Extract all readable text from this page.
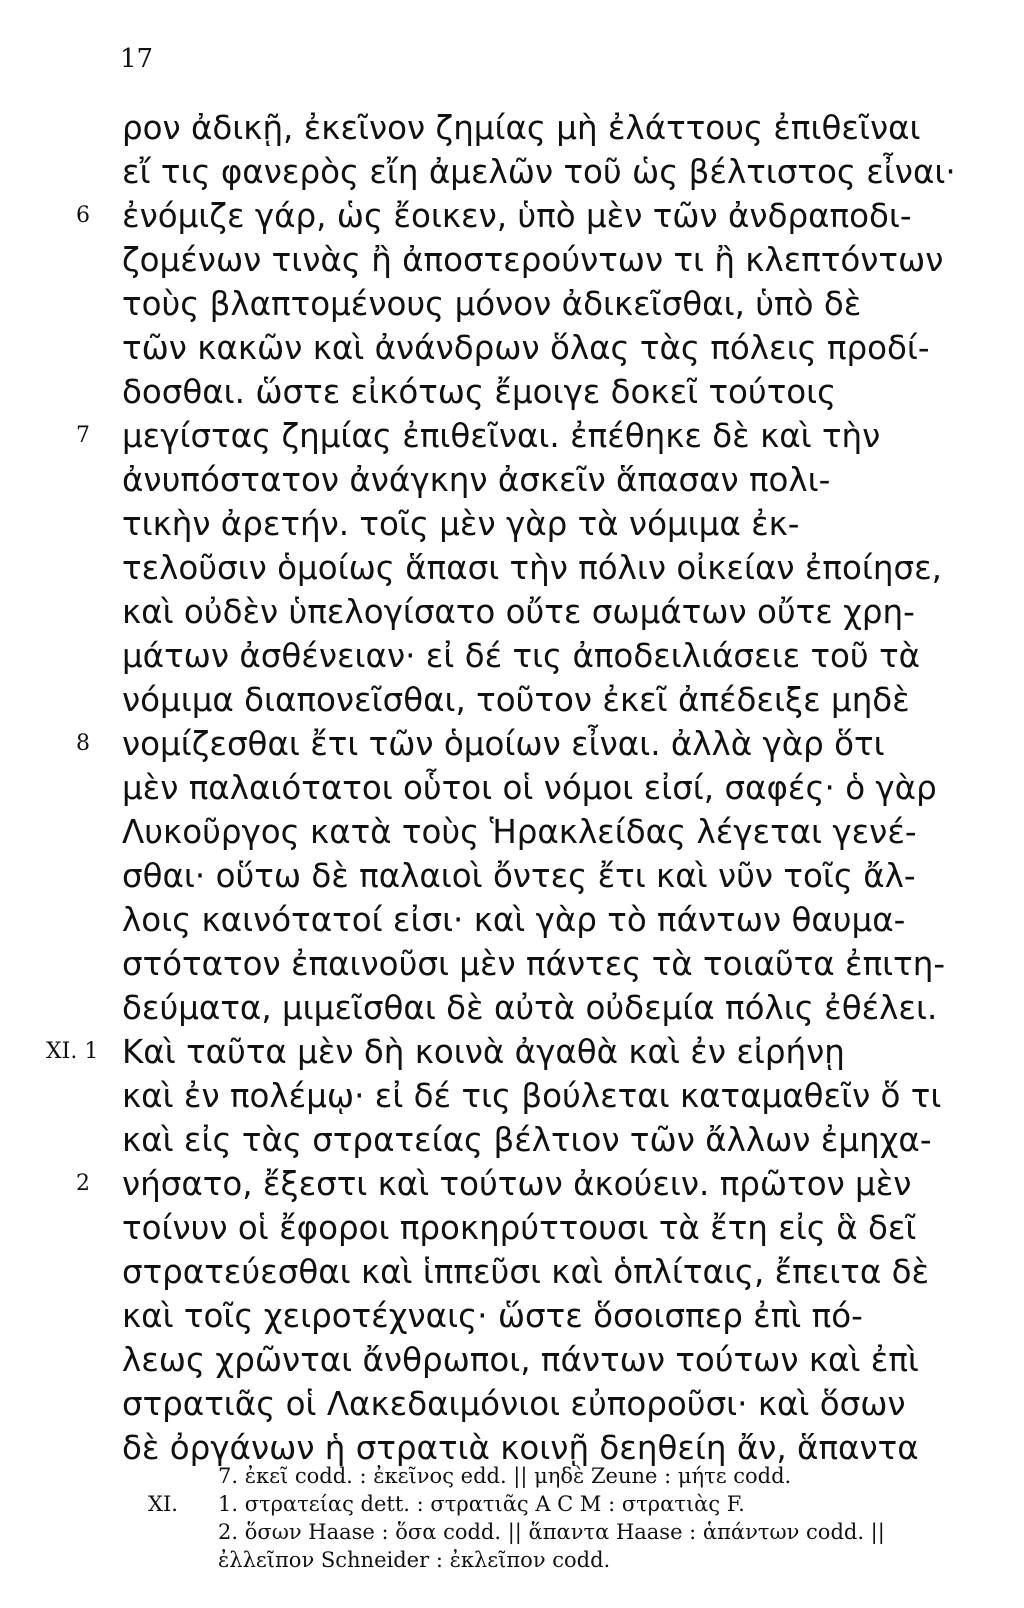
17
6
7
8
XI. 1
2
ρον ἀδικῇ, ἐκεῖνον ζημίας μὴ ἐλάττους ἐπιθεῖναι
εἴ τις φανερὸς εἴη ἀμελῶν τοῦ ὡς βέλτιστος εἶναι·
ἐνόμιζε γάρ, ὡς ἔοικεν, ὑπὸ μὲν τῶν ἀνδραποδι-
ζομένων τινὰς ἢ ἀποστερούντων τι ἢ κλεπτόντων
τοὺς βλαπτομένους μόνον ἀδικεῖσθαι, ὑπὸ δὲ
τῶν κακῶν καὶ ἀνάνδρων ὅλας τὰς πόλεις προδί-
δοσθαι. ὥστε εἰκότως ἔμοιγε δοκεῖ τούτοις
μεγίστας ζημίας ἐπιθεῖναι. ἐπέθηκε δὲ καὶ τὴν
ἀνυπόστατον ἀνάγκην ἀσκεῖν ἅπασαν πολι-
τικὴν ἀρετήν. τοῖς μὲν γὰρ τὰ νόμιμα ἐκ-
τελοῦσιν ὁμοίως ἅπασι τὴν πόλιν οἰκείαν ἐποίησε,
καὶ οὐδὲν ὑπελογίσατο οὔτε σωμάτων οὔτε χρη-
μάτων ἀσθένειαν· εἰ δέ τις ἀποδειλιάσειε τοῦ τὰ
νόμιμα διαπονεῖσθαι, τοῦτον ἐκεῖ ἀπέδειξε μηδὲ
νομίζεσθαι ἔτι τῶν ὁμοίων εἶναι. ἀλλὰ γὰρ ὅτι
μὲν παλαιότατοι οὗτοι οἱ νόμοι εἰσί, σαφές· ὁ γὰρ
Λυκοῦργος κατὰ τοὺς Ἡρακλείδας λέγεται γενέ-
σθαι· οὕτω δὲ παλαιοὶ ὄντες ἔτι καὶ νῦν τοῖς ἄλ-
λοις καινότατοί εἰσι· καὶ γὰρ τὸ πάντων θαυμα-
στότατον ἐπαινοῦσι μὲν πάντες τὰ τοιαῦτα ἐπιτη-
δεύματα, μιμεῖσθαι δὲ αὐτὰ οὐδεμία πόλις ἐθέλει.
Καὶ ταῦτα μὲν δὴ κοινὰ ἀγαθὰ καὶ ἐν εἰρήνῃ
καὶ ἐν πολέμῳ· εἰ δέ τις βούλεται καταμαθεῖν ὅ τι
καὶ εἰς τὰς στρατείας βέλτιον τῶν ἄλλων ἐμηχα-
νήσατο, ἔξεστι καὶ τούτων ἀκούειν. πρῶτον μὲν
τοίνυν οἱ ἔφοροι προκηρύττουσι τὰ ἔτη εἰς ἃ δεῖ
στρατεύεσθαι καὶ ἱππεῦσι καὶ ὁπλίταις, ἔπειτα δὲ
καὶ τοῖς χειροτέχναις· ὥστε ὅσοισπερ ἐπὶ πό-
λεως χρῶνται ἄνθρωποι, πάντων τούτων καὶ ἐπὶ
στρατιᾶς οἱ Λακεδαιμόνιοι εὐποροῦσι· καὶ ὅσων
δὲ ὀργάνων ἡ στρατιὰ κοινῇ δεηθείη ἄν, ἅπαντα
7. ἐκεῖ codd. : ἐκεῖνος edd. || μηδὲ Zeune : μήτε codd.
XI. 1. στρατείας dett. : στρατιᾶς A C M : στρατιὰς F.
2. ὅσων Haase : ὅσα codd. || ἅπαντα Haase : ἁπάντων codd. ||
ἐλλεῖπον Schneider : ἐκλεῖπον codd.
